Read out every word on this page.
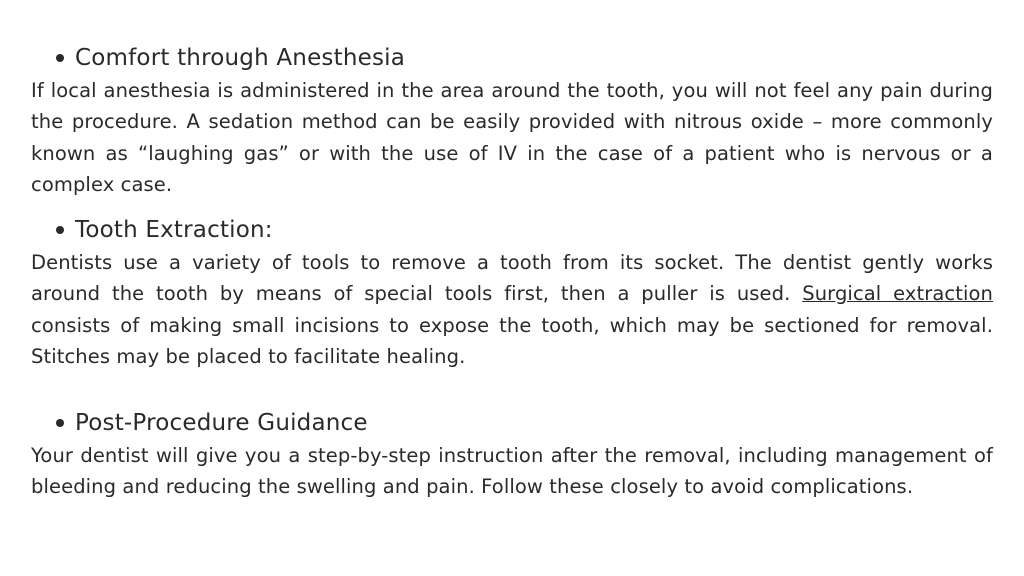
Comfort through Anesthesia

If local anesthesia is administered in the area around the tooth, you will not feel any pain during the procedure. A sedation method can be easily provided with nitrous oxide – more commonly known as “laughing gas” or with the use of IV in the case of a patient who is nervous or a complex case.

Tooth Extraction:

Dentists use a variety of tools to remove a tooth from its socket. The dentist gently works around the tooth by means of special tools first, then a puller is used. Surgical extraction consists of making small incisions to expose the tooth, which may be sectioned for removal. Stitches may be placed to facilitate healing.

Post-Procedure Guidance

Your dentist will give you a step-by-step instruction after the removal, including management of bleeding and reducing the swelling and pain. Follow these closely to avoid complications.
